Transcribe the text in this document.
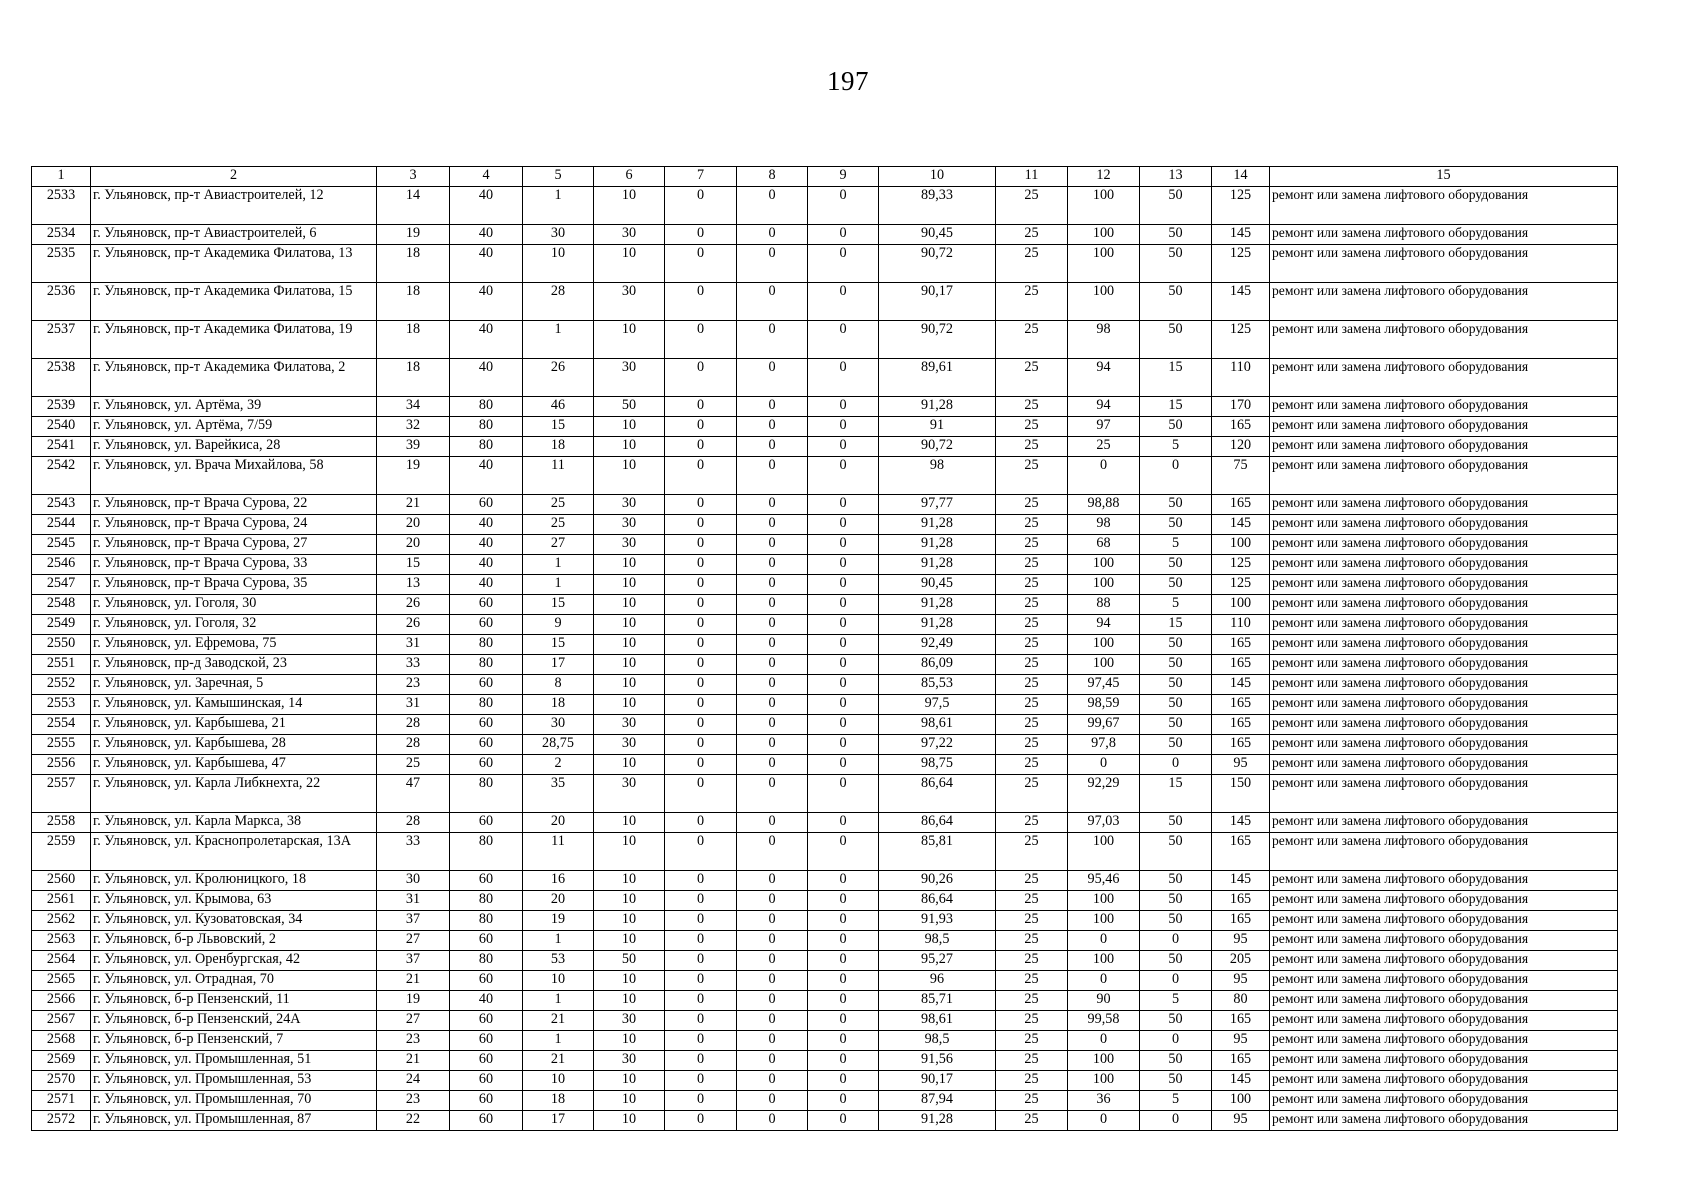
197
1	2	3	4	5	6	7	8	9	10	11	12	13	14	15
2533	г. Ульяновск, пр-т Авиастроителей, 12	14	40	1	10	0	0	0	89,33	25	100	50	125	ремонт или замена лифтового оборудования
2534	г. Ульяновск, пр-т Авиастроителей, 6	19	40	30	30	0	0	0	90,45	25	100	50	145	ремонт или замена лифтового оборудования
2535	г. Ульяновск, пр-т Академика Филатова, 13	18	40	10	10	0	0	0	90,72	25	100	50	125	ремонт или замена лифтового оборудования
2536	г. Ульяновск, пр-т Академика Филатова, 15	18	40	28	30	0	0	0	90,17	25	100	50	145	ремонт или замена лифтового оборудования
2537	г. Ульяновск, пр-т Академика Филатова, 19	18	40	1	10	0	0	0	90,72	25	98	50	125	ремонт или замена лифтового оборудования
2538	г. Ульяновск, пр-т Академика Филатова, 2	18	40	26	30	0	0	0	89,61	25	94	15	110	ремонт или замена лифтового оборудования
2539	г. Ульяновск, ул. Артёма, 39	34	80	46	50	0	0	0	91,28	25	94	15	170	ремонт или замена лифтового оборудования
2540	г. Ульяновск, ул. Артёма, 7/59	32	80	15	10	0	0	0	91	25	97	50	165	ремонт или замена лифтового оборудования
2541	г. Ульяновск, ул. Варейкиса, 28	39	80	18	10	0	0	0	90,72	25	25	5	120	ремонт или замена лифтового оборудования
2542	г. Ульяновск, ул. Врача Михайлова, 58	19	40	11	10	0	0	0	98	25	0	0	75	ремонт или замена лифтового оборудования
2543	г. Ульяновск, пр-т Врача Сурова, 22	21	60	25	30	0	0	0	97,77	25	98,88	50	165	ремонт или замена лифтового оборудования
2544	г. Ульяновск, пр-т Врача Сурова, 24	20	40	25	30	0	0	0	91,28	25	98	50	145	ремонт или замена лифтового оборудования
2545	г. Ульяновск, пр-т Врача Сурова, 27	20	40	27	30	0	0	0	91,28	25	68	5	100	ремонт или замена лифтового оборудования
2546	г. Ульяновск, пр-т Врача Сурова, 33	15	40	1	10	0	0	0	91,28	25	100	50	125	ремонт или замена лифтового оборудования
2547	г. Ульяновск, пр-т Врача Сурова, 35	13	40	1	10	0	0	0	90,45	25	100	50	125	ремонт или замена лифтового оборудования
2548	г. Ульяновск, ул. Гоголя, 30	26	60	15	10	0	0	0	91,28	25	88	5	100	ремонт или замена лифтового оборудования
2549	г. Ульяновск, ул. Гоголя, 32	26	60	9	10	0	0	0	91,28	25	94	15	110	ремонт или замена лифтового оборудования
2550	г. Ульяновск, ул. Ефремова, 75	31	80	15	10	0	0	0	92,49	25	100	50	165	ремонт или замена лифтового оборудования
2551	г. Ульяновск, пр-д Заводской, 23	33	80	17	10	0	0	0	86,09	25	100	50	165	ремонт или замена лифтового оборудования
2552	г. Ульяновск, ул. Заречная, 5	23	60	8	10	0	0	0	85,53	25	97,45	50	145	ремонт или замена лифтового оборудования
2553	г. Ульяновск, ул. Камышинская, 14	31	80	18	10	0	0	0	97,5	25	98,59	50	165	ремонт или замена лифтового оборудования
2554	г. Ульяновск, ул. Карбышева, 21	28	60	30	30	0	0	0	98,61	25	99,67	50	165	ремонт или замена лифтового оборудования
2555	г. Ульяновск, ул. Карбышева, 28	28	60	28,75	30	0	0	0	97,22	25	97,8	50	165	ремонт или замена лифтового оборудования
2556	г. Ульяновск, ул. Карбышева, 47	25	60	2	10	0	0	0	98,75	25	0	0	95	ремонт или замена лифтового оборудования
2557	г. Ульяновск, ул. Карла Либкнехта, 22	47	80	35	30	0	0	0	86,64	25	92,29	15	150	ремонт или замена лифтового оборудования
2558	г. Ульяновск, ул. Карла Маркса, 38	28	60	20	10	0	0	0	86,64	25	97,03	50	145	ремонт или замена лифтового оборудования
2559	г. Ульяновск, ул. Краснопролетарская, 13А	33	80	11	10	0	0	0	85,81	25	100	50	165	ремонт или замена лифтового оборудования
2560	г. Ульяновск, ул. Кролюницкого, 18	30	60	16	10	0	0	0	90,26	25	95,46	50	145	ремонт или замена лифтового оборудования
2561	г. Ульяновск, ул. Крымова, 63	31	80	20	10	0	0	0	86,64	25	100	50	165	ремонт или замена лифтового оборудования
2562	г. Ульяновск, ул. Кузоватовская, 34	37	80	19	10	0	0	0	91,93	25	100	50	165	ремонт или замена лифтового оборудования
2563	г. Ульяновск, б-р Львовский, 2	27	60	1	10	0	0	0	98,5	25	0	0	95	ремонт или замена лифтового оборудования
2564	г. Ульяновск, ул. Оренбургская, 42	37	80	53	50	0	0	0	95,27	25	100	50	205	ремонт или замена лифтового оборудования
2565	г. Ульяновск, ул. Отрадная, 70	21	60	10	10	0	0	0	96	25	0	0	95	ремонт или замена лифтового оборудования
2566	г. Ульяновск, б-р Пензенский, 11	19	40	1	10	0	0	0	85,71	25	90	5	80	ремонт или замена лифтового оборудования
2567	г. Ульяновск, б-р Пензенский, 24А	27	60	21	30	0	0	0	98,61	25	99,58	50	165	ремонт или замена лифтового оборудования
2568	г. Ульяновск, б-р Пензенский, 7	23	60	1	10	0	0	0	98,5	25	0	0	95	ремонт или замена лифтового оборудования
2569	г. Ульяновск, ул. Промышленная, 51	21	60	21	30	0	0	0	91,56	25	100	50	165	ремонт или замена лифтового оборудования
2570	г. Ульяновск, ул. Промышленная, 53	24	60	10	10	0	0	0	90,17	25	100	50	145	ремонт или замена лифтового оборудования
2571	г. Ульяновск, ул. Промышленная, 70	23	60	18	10	0	0	0	87,94	25	36	5	100	ремонт или замена лифтового оборудования
2572	г. Ульяновск, ул. Промышленная, 87	22	60	17	10	0	0	0	91,28	25	0	0	95	ремонт или замена лифтового оборудования
